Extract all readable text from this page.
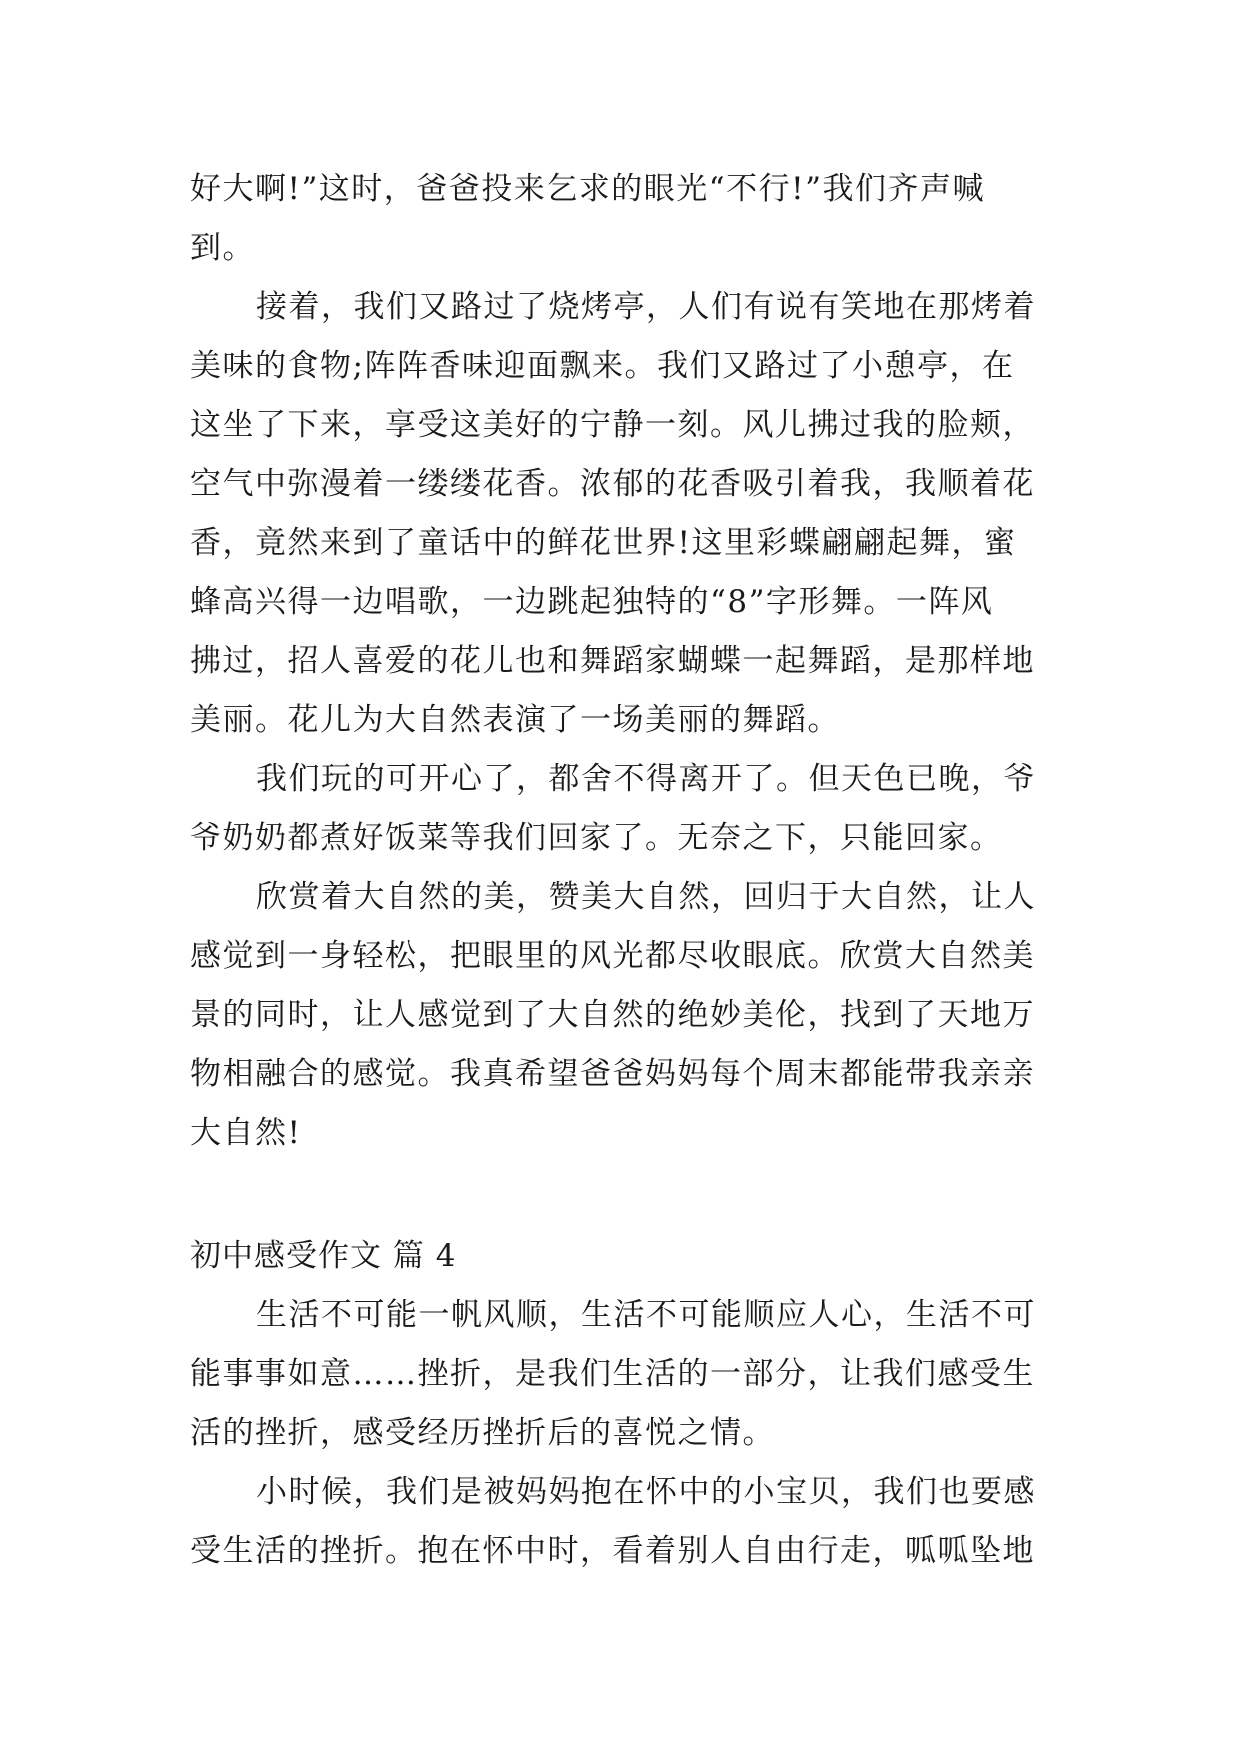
好大啊!”这时，爸爸投来乞求的眼光“不行!”我们齐声喊
到。
接着，我们又路过了烧烤亭，人们有说有笑地在那烤着
美味的食物;阵阵香味迎面飘来。我们又路过了小憩亭，在
这坐了下来，享受这美好的宁静一刻。风儿拂过我的脸颊，
空气中弥漫着一缕缕花香。浓郁的花香吸引着我，我顺着花
香，竟然来到了童话中的鲜花世界!这里彩蝶翩翩起舞，蜜
蜂高兴得一边唱歌，一边跳起独特的“8”字形舞。一阵风
拂过，招人喜爱的花儿也和舞蹈家蝴蝶一起舞蹈，是那样地
美丽。花儿为大自然表演了一场美丽的舞蹈。
我们玩的可开心了，都舍不得离开了。但天色已晚，爷
爷奶奶都煮好饭菜等我们回家了。无奈之下，只能回家。
欣赏着大自然的美，赞美大自然，回归于大自然，让人
感觉到一身轻松，把眼里的风光都尽收眼底。欣赏大自然美
景的同时，让人感觉到了大自然的绝妙美伦，找到了天地万
物相融合的感觉。我真希望爸爸妈妈每个周末都能带我亲亲
大自然!
初中感受作文 篇 4
生活不可能一帆风顺，生活不可能顺应人心，生活不可
能事事如意……挫折，是我们生活的一部分，让我们感受生
活的挫折，感受经历挫折后的喜悦之情。
小时候，我们是被妈妈抱在怀中的小宝贝，我们也要感
受生活的挫折。抱在怀中时，看着别人自由行走，呱呱坠地
